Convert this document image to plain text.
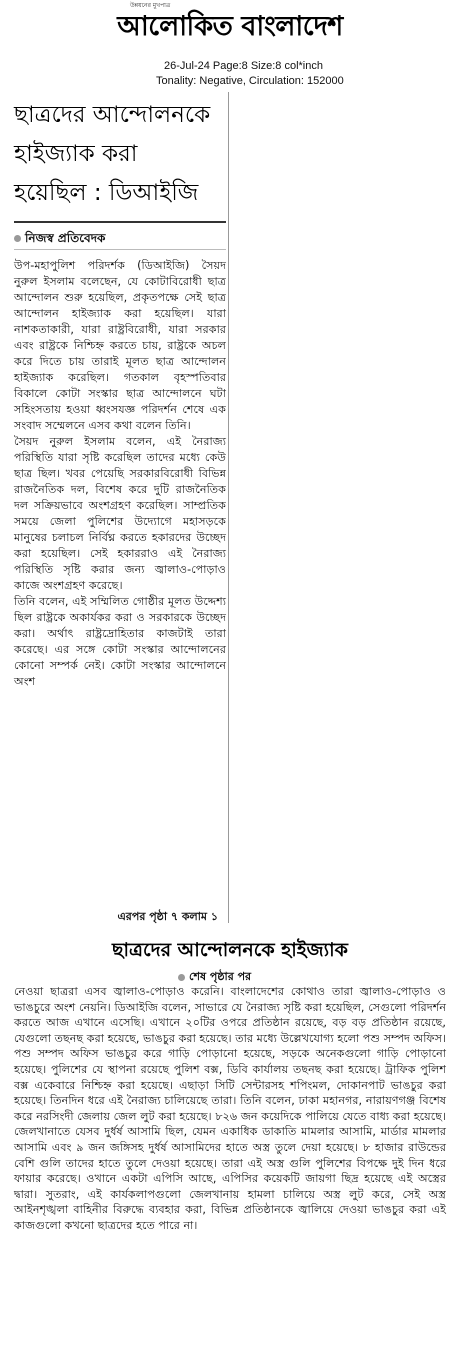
উন্নয়নের মুখপাত্র
আলোকিত বাংলাদেশ
26-Jul-24 Page:8 Size:8 col*inch
Tonality: Negative, Circulation: 152000
ছাত্রদের আন্দোলনকে
হাইজ্যাক করা
হয়েছিল : ডিআইজি
নিজস্ব প্রতিবেদক

উপ-মহাপুলিশ পরিদর্শক (ডিআইজি) সৈয়দ নুরুল ইসলাম বলেছেন, যে কোটাবিরোধী ছাত্র আন্দোলন শুরু হয়েছিল, প্রকৃতপক্ষে সেই ছাত্র আন্দোলন হাইজ্যাক করা হয়েছিল। যারা নাশকতাকারী, যারা রাষ্ট্রবিরোধী, যারা সরকার এবং রাষ্ট্রকে নিশ্চিহ্ন করতে চায়, রাষ্ট্রকে অচল করে দিতে চায় তারাই মূলত ছাত্র আন্দোলন হাইজ্যাক করেছিল। গতকাল বৃহস্পতিবার বিকালে কোটা সংস্কার ছাত্র আন্দোলনে ঘটা সহিংসতায় হওয়া ধ্বংসযজ্ঞ পরিদর্শন শেষে এক সংবাদ সম্মেলনে এসব কথা বলেন তিনি।

সৈয়দ নুরুল ইসলাম বলেন, এই নৈরাজ্য পরিস্থিতি যারা সৃষ্টি করেছিল তাদের মধ্যে কেউ ছাত্র ছিল। খবর পেয়েছি সরকারবিরোধী বিভিন্ন রাজনৈতিক দল, বিশেষ করে দুটি রাজনৈতিক দল সক্রিয়ভাবে অংশগ্রহণ করেছিল। সাম্প্রতিক সময়ে জেলা পুলিশের উদ্যোগে মহাসড়কে মানুষের চলাচল নির্বিঘ্ন করতে হকারদের উচ্ছেদ করা হয়েছিল। সেই হকাররাও এই নৈরাজ্য পরিস্থিতি সৃষ্টি করার জন্য জ্বালাও-পোড়াও কাজে অংশগ্রহণ করেছে।

তিনি বলেন, এই সম্মিলিত গোষ্ঠীর মূলত উদ্দেশ্য ছিল রাষ্ট্রকে অকার্যকর করা ও সরকারকে উচ্ছেদ করা। অর্থাৎ রাষ্ট্রদ্রোহিতার কাজটাই তারা করেছে। এর সঙ্গে কোটা সংস্কার আন্দোলনের কোনো সম্পর্ক নেই। কোটা সংস্কার আন্দোলনে অংশ

এরপর পৃষ্ঠা ৭ কলাম ১
ছাত্রদের আন্দোলনকে হাইজ্যাক
শেষ পৃষ্ঠার পর

নেওয়া ছাত্ররা এসব জ্বালাও-পোড়াও করেনি। বাংলাদেশের কোথাও তারা জ্বালাও-পোড়াও ও ভাঙচুরে অংশ নেয়নি। ডিআইজি বলেন, সাভারে যে নৈরাজ্য সৃষ্টি করা হয়েছিল, সেগুলো পরিদর্শন করতে আজ এখানে এসেছি। এখানে ২০টির ওপরে প্রতিষ্ঠান রয়েছে, বড় বড় প্রতিষ্ঠান রয়েছে, যেগুলো তছনছ করা হয়েছে, ভাঙচুর করা হয়েছে। তার মধ্যে উল্লেখযোগ্য হলো পশু সম্পদ অফিস। পশু সম্পদ অফিস ভাঙচুর করে গাড়ি পোড়ানো হয়েছে, সড়কে অনেকগুলো গাড়ি পোড়ানো হয়েছে। পুলিশের যে স্থাপনা রয়েছে পুলিশ বক্স, ডিবি কার্যালয় তছনছ করা হয়েছে। ট্রাফিক পুলিশ বক্স একেবারে নিশ্চিহ্ন করা হয়েছে। এছাড়া সিটি সেন্টারসহ শপিংমল, দোকানপাট ভাঙচুর করা হয়েছে। তিনদিন ধরে এই নৈরাজ্য চালিয়েছে তারা। তিনি বলেন, ঢাকা মহানগর, নারায়ণগঞ্জ বিশেষ করে নরসিংদী জেলায় জেল লুট করা হয়েছে। ৮২৬ জন কয়েদিকে পালিয়ে যেতে বাধ্য করা হয়েছে। জেলখানাতে যেসব দুর্ধর্ষ আসামি ছিল, যেমন একাধিক ডাকাতি মামলার আসামি, মার্ডার মামলার আসামি এবং ৯ জন জঙ্গিসহ দুর্ধর্ষ আসামিদের হাতে অস্ত্র তুলে দেয়া হয়েছে। ৮ হাজার রাউন্ডের বেশি গুলি তাদের হাতে তুলে দেওয়া হয়েছে। তারা এই অস্ত্র গুলি পুলিশের বিপক্ষে দুই দিন ধরে ফায়ার করেছে। ওখানে একটা এপিসি আছে, এপিসির কয়েকটি জায়গা ছিদ্র হয়েছে এই অস্ত্রের দ্বারা। সুতরাং, এই কার্যকলাপগুলো জেলখানায় হামলা চালিয়ে অস্ত্র লুট করে, সেই অস্ত্র আইনশৃঙ্খলা বাহিনীর বিরুদ্ধে ব্যবহার করা, বিভিন্ন প্রতিষ্ঠানকে জ্বালিয়ে দেওয়া ভাঙচুর করা এই কাজগুলো কখনো ছাত্রদের হতে পারে না।
